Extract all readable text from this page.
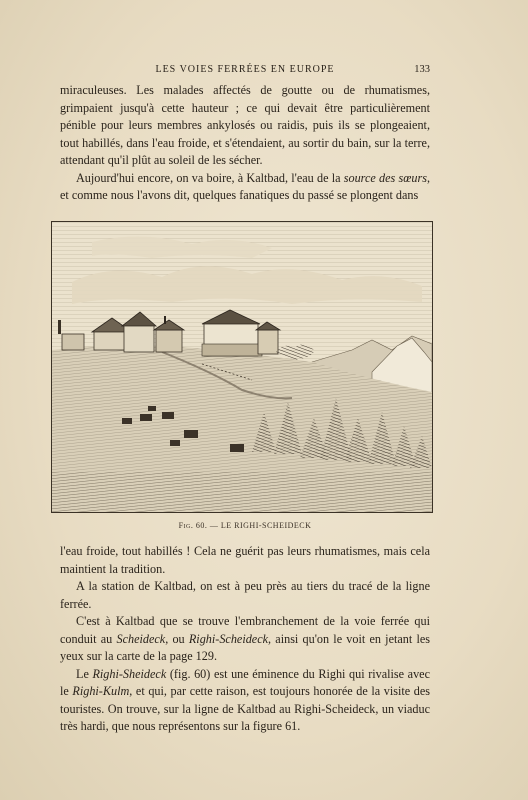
LES VOIES FERRÉES EN EUROPE	133

miraculeuses. Les malades affectés de goutte ou de rhumatismes, grimpaient jusqu'à cette hauteur ; ce qui devait être particulièrement pénible pour leurs membres ankylosés ou raidis, puis ils se plongeaient, tout habillés, dans l'eau froide, et s'étendaient, au sortir du bain, sur la terre, attendant qu'il plût au soleil de les sécher.

Aujourd'hui encore, on va boire, à Kaltbad, l'eau de la source des sœurs, et comme nous l'avons dit, quelques fanatiques du passé se plongent dans

Fig. 60. — LE RIGHI-SCHEIDECK

l'eau froide, tout habillés ! Cela ne guérit pas leurs rhumatismes, mais cela maintient la tradition.

A la station de Kaltbad, on est à peu près au tiers du tracé de la ligne ferrée.

C'est à Kaltbad que se trouve l'embranchement de la voie ferrée qui conduit au Scheideck, ou Righi-Scheideck, ainsi qu'on le voit en jetant les yeux sur la carte de la page 129.

Le Righi-Sheideck (fig. 60) est une éminence du Righi qui rivalise avec le Righi-Kulm, et qui, par cette raison, est toujours honorée de la visite des touristes. On trouve, sur la ligne de Kaltbad au Righi-Scheideck, un viaduc très hardi, que nous représentons sur la figure 61.
